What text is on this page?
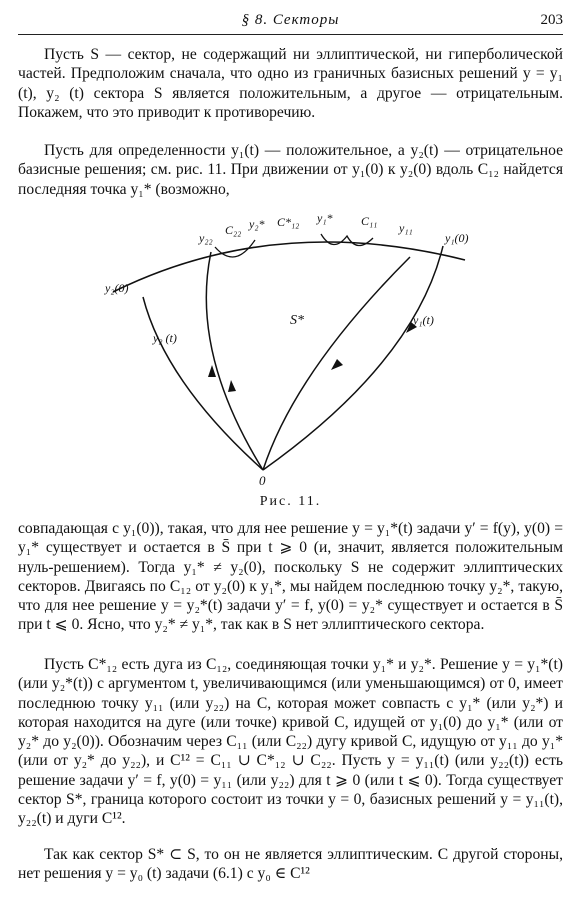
§ 8. Секторы	203

Пусть S — сектор, не содержащий ни эллиптической, ни гиперболической частей. Предположим сначала, что одно из граничных базисных решений y = y₁ (t), y₂ (t) сектора S является положительным, а другое — отрицательным. Покажем, что это приводит к противоречию.

Пусть для определенности y₁(t) — положительное, а y₂(t) — отрицательное базисные решения; см. рис. 11. При движении от y₁(0) к y₂(0) вдоль C₁₂ найдется последняя точка y₁* (возможно,

y₂₂
C₂₂ y₂* C*₁₂ y₁* C₁₁ y₁₁
y₁(0)
y₂(0)
y₂ (t)
S*	y₁(t)
0
Рис. 11.

совпадающая с y₁(0)), такая, что для нее решение y = y₁*(t) задачи y′ = f(y), y(0) = y₁* существует и остается в S̄ при t ⩾ 0 (и, значит, является положительным нуль-решением). Тогда y₁* ≠ y₂(0), поскольку S не содержит эллиптических секторов. Двигаясь по C₁₂ от y₂(0) к y₁*, мы найдем последнюю точку y₂*, такую, что для нее решение y = y₂*(t) задачи y′ = f, y(0) = y₂* существует и остается в S̄ при t ⩽ 0. Ясно, что y₂* ≠ y₁*, так как в S нет эллиптического сектора.

Пусть C*₁₂ есть дуга из C₁₂, соединяющая точки y₁* и y₂*. Решение y = y₁*(t) (или y₂*(t)) с аргументом t, увеличивающимся (или уменьшающимся) от 0, имеет последнюю точку y₁₁ (или y₂₂) на C, которая может совпасть с y₁* (или y₂*) и которая находится на дуге (или точке) кривой C, идущей от y₁(0) до y₁* (или от y₂* до y₂(0)). Обозначим через C₁₁ (или C₂₂) дугу кривой C, идущую от y₁₁ до y₁* (или от y₂* до y₂₂), и C¹² = C₁₁ ∪ C*₁₂ ∪ C₂₂. Пусть y = y₁₁(t) (или y₂₂(t)) есть решение задачи y′ = f, y(0) = y₁₁ (или y₂₂) для t ⩾ 0 (или t ⩽ 0). Тогда существует сектор S*, граница которого состоит из точки y = 0, базисных решений y = y₁₁(t), y₂₂(t) и дуги C¹².

Так как сектор S* ⊂ S, то он не является эллиптическим. С другой стороны, нет решения y = y₀ (t) задачи (6.1) с y₀ ∈ C¹²
